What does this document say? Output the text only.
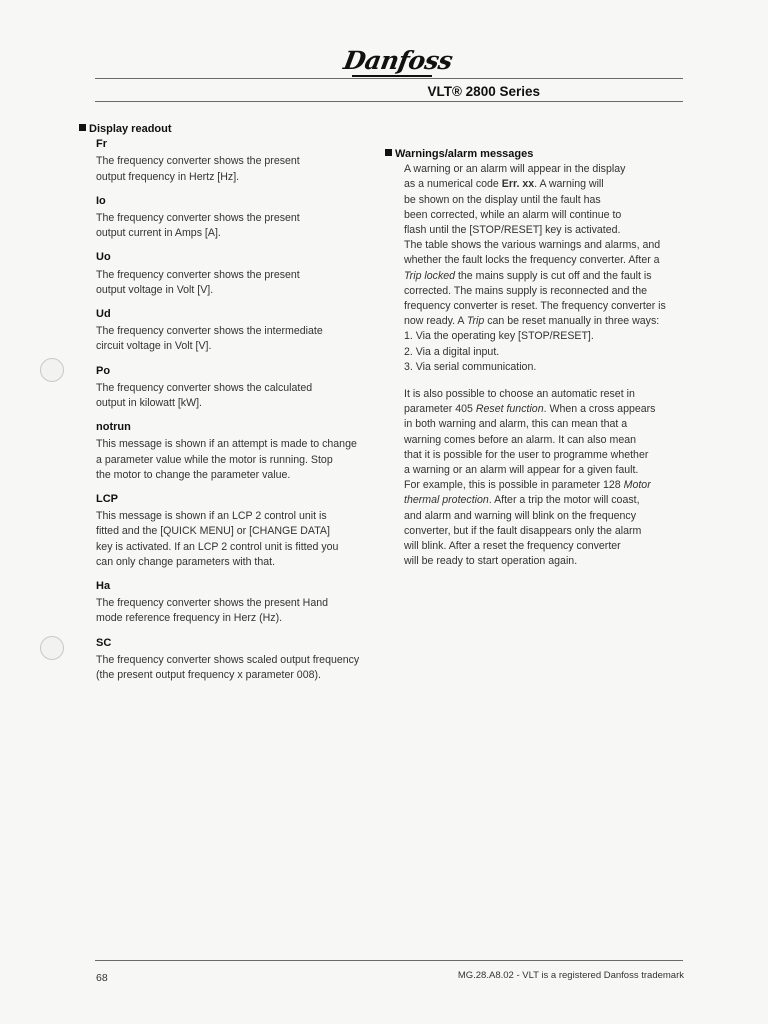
Danfoss
VLT® 2800 Series
Display readout
Fr
The frequency converter shows the present
output frequency in Hertz [Hz].
Io
The frequency converter shows the present
output current in Amps [A].
Uo
The frequency converter shows the present
output voltage in Volt [V].
Ud
The frequency converter shows the intermediate
circuit voltage in Volt [V].
Po
The frequency converter shows the calculated
output in kilowatt [kW].
notrun
This message is shown if an attempt is made to change
a parameter value while the motor is running. Stop
the motor to change the parameter value.
LCP
This message is shown if an LCP 2 control unit is
fitted and the [QUICK MENU] or [CHANGE DATA]
key is activated. If an LCP 2 control unit is fitted you
can only change parameters with that.
Ha
The frequency converter shows the present Hand
mode reference frequency in Herz (Hz).
SC
The frequency converter shows scaled output frequency
(the present output frequency x parameter 008).
Warnings/alarm messages
A warning or an alarm will appear in the display
as a numerical code Err. xx. A warning will
be shown on the display until the fault has
been corrected, while an alarm will continue to
flash until the [STOP/RESET] key is activated.
The table shows the various warnings and alarms, and
whether the fault locks the frequency converter. After a
Trip locked the mains supply is cut off and the fault is
corrected. The mains supply is reconnected and the
frequency converter is reset. The frequency converter is
now ready. A Trip can be reset manually in three ways:
1. Via the operating key [STOP/RESET].
2. Via a digital input.
3. Via serial communication.
It is also possible to choose an automatic reset in
parameter 405 Reset function. When a cross appears
in both warning and alarm, this can mean that a
warning comes before an alarm. It can also mean
that it is possible for the user to programme whether
a warning or an alarm will appear for a given fault.
For example, this is possible in parameter 128 Motor
thermal protection. After a trip the motor will coast,
and alarm and warning will blink on the frequency
converter, but if the fault disappears only the alarm
will blink. After a reset the frequency converter
will be ready to start operation again.
68	MG.28.A8.02 - VLT is a registered Danfoss trademark
